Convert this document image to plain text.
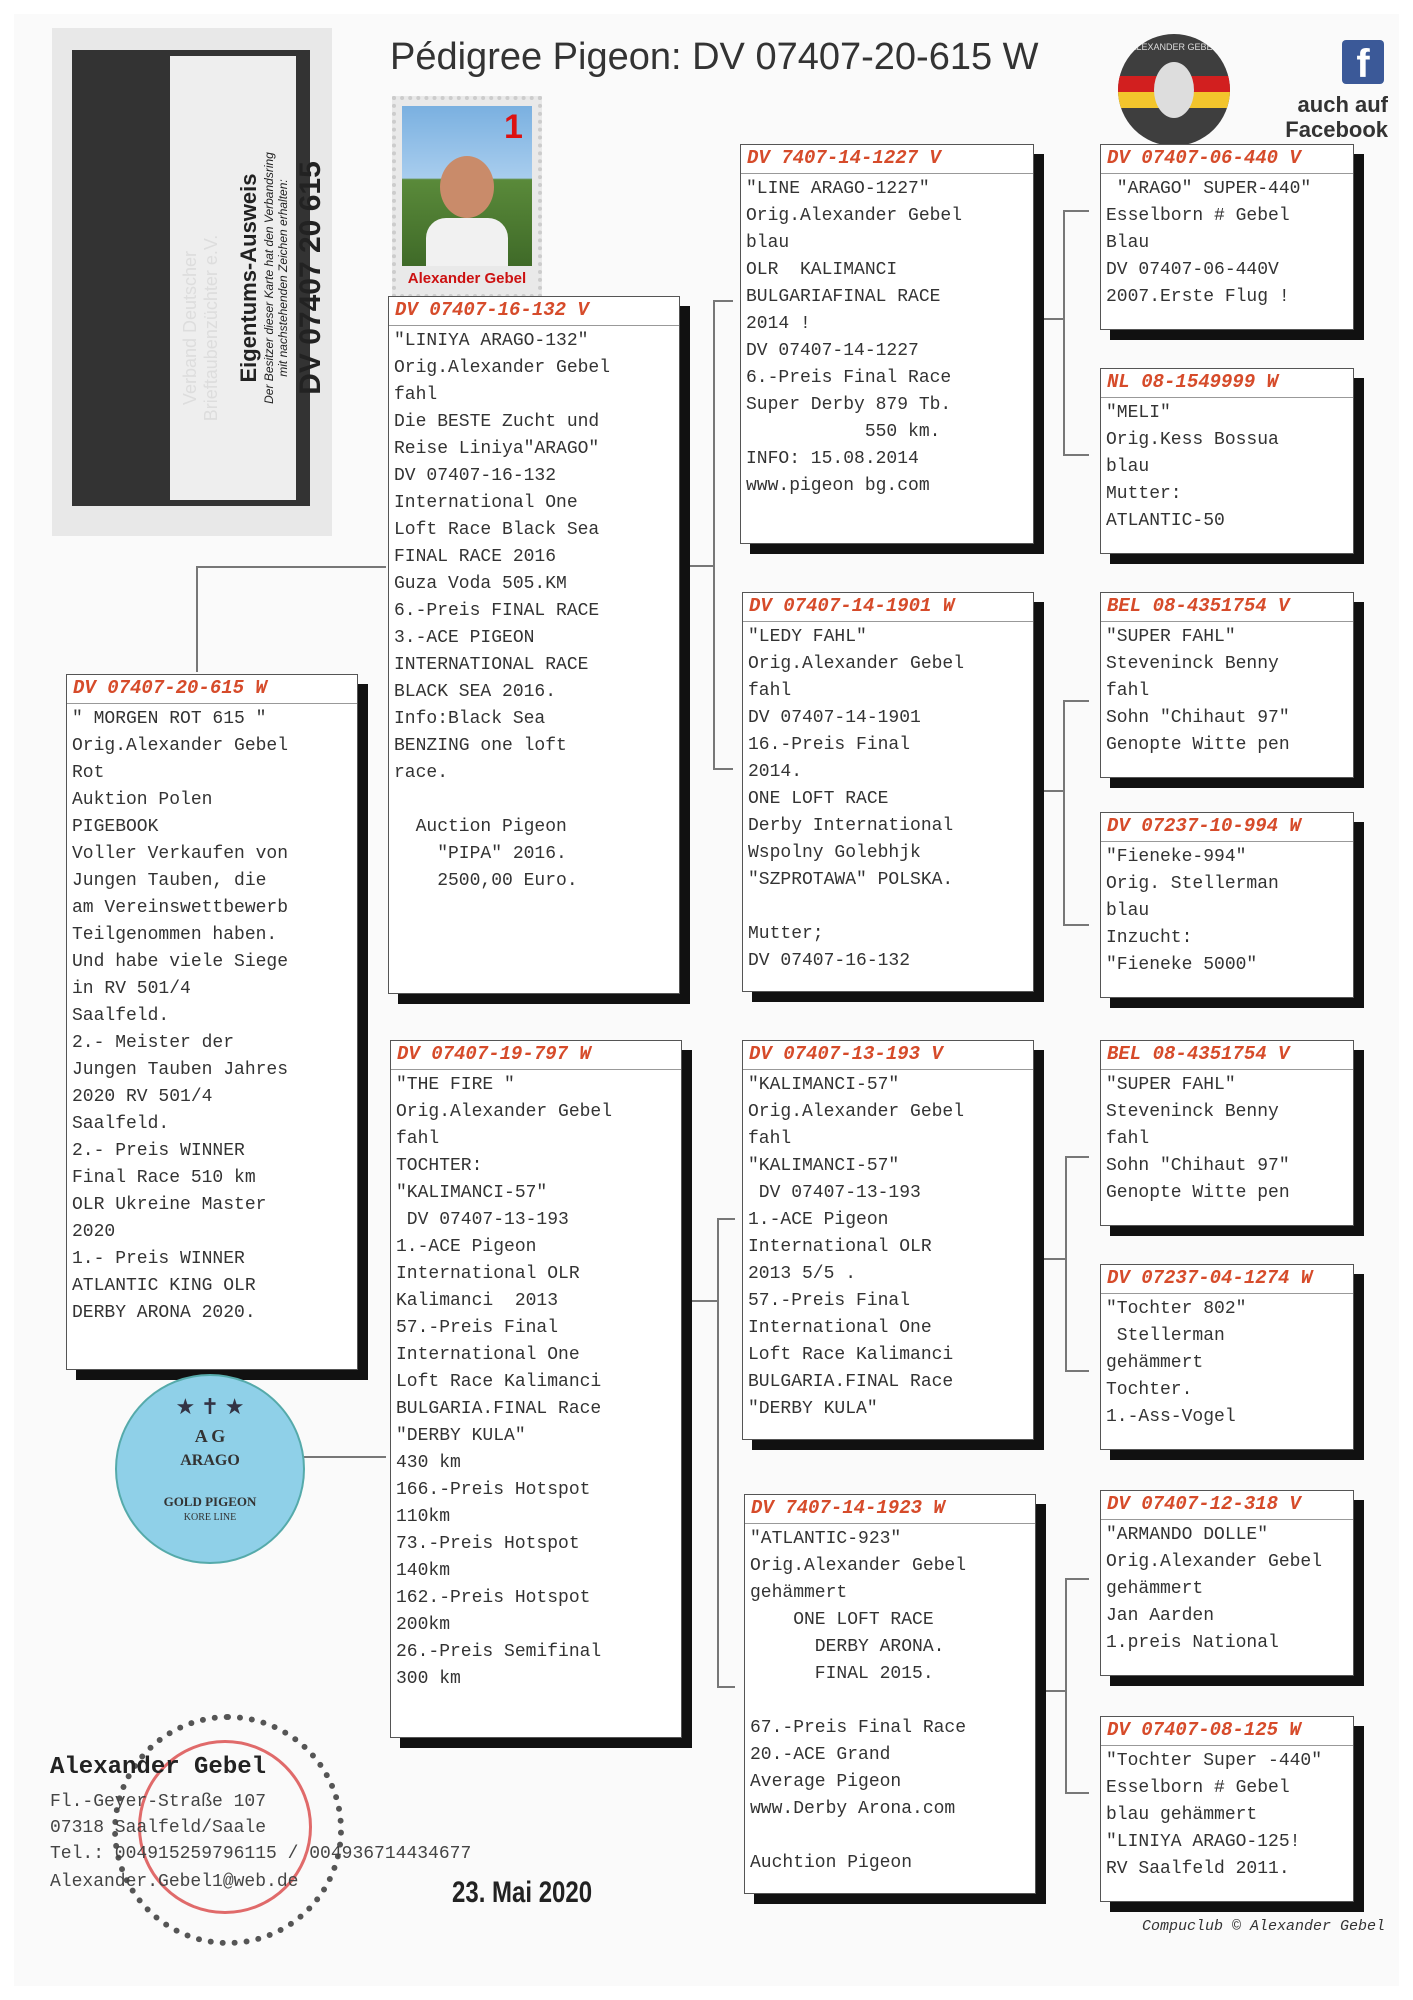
Pédigree Pigeon: DV 07407-20-615 W	f
auch auf
Facebook
ALEXANDER GEBEL
Verband Deutscher Brieftaubenzüchter e.V. Eigentums-Ausweis Der Besitzer dieser Karte hat den Verbandsring mit nachstehenden Zeichen erhalten: DV 07407 20 615
1
Alexander Gebel
DV 07407-20-615 W
" MORGEN ROT 615 "
Orig.Alexander Gebel
Rot
Auktion Polen
PIGEBOOK
Voller Verkaufen von
Jungen Tauben, die
am Vereinswettbewerb
Teilgenommen haben.
Und habe viele Siege
in RV 501/4
Saalfeld.
2.- Meister der
Jungen Tauben Jahres
2020 RV 501/4
Saalfeld.
2.- Preis WINNER
Final Race 510 km
OLR Ukreine Master
2020
1.- Preis WINNER
ATLANTIC KING OLR
DERBY ARONA 2020.
DV 07407-16-132 V
"LINIYA ARAGO-132"
Orig.Alexander Gebel
fahl
Die BESTE Zucht und
Reise Liniya"ARAGO"
DV 07407-16-132
International One
Loft Race Black Sea
FINAL RACE 2016
Guza Voda 505.KM
6.-Preis FINAL RACE
3.-ACE PIGEON
INTERNATIONAL RACE
BLACK SEA 2016.
Info:Black Sea
BENZING one loft
race.

Auction Pigeon
"PIPA" 2016.
2500,00 Euro.
DV 07407-19-797 W
"THE FIRE "
Orig.Alexander Gebel
fahl
TOCHTER:
"KALIMANCI-57"
DV 07407-13-193
1.-ACE Pigeon
International OLR
Kalimanci  2013
57.-Preis Final
International One
Loft Race Kalimanci
BULGARIA.FINAL Race
"DERBY KULA"
430 km
166.-Preis Hotspot
110km
73.-Preis Hotspot
140km
162.-Preis Hotspot
200km
26.-Preis Semifinal
300 km
DV 7407-14-1227 V
"LINE ARAGO-1227"
Orig.Alexander Gebel
blau
OLR  KALIMANCI
BULGARIAFINAL RACE
2014 !
DV 07407-14-1227
6.-Preis Final Race
Super Derby 879 Tb.
550 km.
INFO: 15.08.2014
www.pigeon bg.com
DV 07407-14-1901 W
"LEDY FAHL"
Orig.Alexander Gebel
fahl
DV 07407-14-1901
16.-Preis Final
2014.
ONE LOFT RACE
Derby International
Wspolny Golebhjk
"SZPROTAWA" POLSKA.

Mutter;
DV 07407-16-132
DV 07407-13-193 V
"KALIMANCI-57"
Orig.Alexander Gebel
fahl
"KALIMANCI-57"
DV 07407-13-193
1.-ACE Pigeon
International OLR
2013 5/5 .
57.-Preis Final
International One
Loft Race Kalimanci
BULGARIA.FINAL Race
"DERBY KULA"
DV 7407-14-1923 W
"ATLANTIC-923"
Orig.Alexander Gebel
gehämmert
ONE LOFT RACE
DERBY ARONA.
FINAL 2015.

67.-Preis Final Race
20.-ACE Grand
Average Pigeon
www.Derby Arona.com

Auchtion Pigeon
DV 07407-06-440 V
"ARAGO" SUPER-440"
Esselborn # Gebel
Blau
DV 07407-06-440V
2007.Erste Flug !
NL 08-1549999 W
"MELI"
Orig.Kess Bossua
blau
Mutter:
ATLANTIC-50
BEL 08-4351754 V
"SUPER FAHL"
Steveninck Benny
fahl
Sohn "Chihaut 97"
Genopte Witte pen
DV 07237-10-994 W
"Fieneke-994"
Orig. Stellerman
blau
Inzucht:
"Fieneke 5000"
BEL 08-4351754 V
"SUPER FAHL"
Steveninck Benny
fahl
Sohn "Chihaut 97"
Genopte Witte pen
DV 07237-04-1274 W
"Tochter 802"
Stellerman
gehämmert
Tochter.
1.-Ass-Vogel
DV 07407-12-318 V
"ARMANDO DOLLE"
Orig.Alexander Gebel
gehämmert
Jan Aarden
1.preis National
DV 07407-08-125 W
"Tochter Super -440"
Esselborn # Gebel
blau gehämmert
"LINIYA ARAGO-125!
RV Saalfeld 2011.
★ ✝ ★
A G
ARAGO
GOLD PIGEON
KORE LINE
Alexander Gebel
Fl.-Geyer-Straße 107
07318 Saalfeld/Saale
Tel.: 004915259796115 / 004936714434677
Alexander.Gebel1@web.de	23. Mai 2020
Compuclub © Alexander Gebel
